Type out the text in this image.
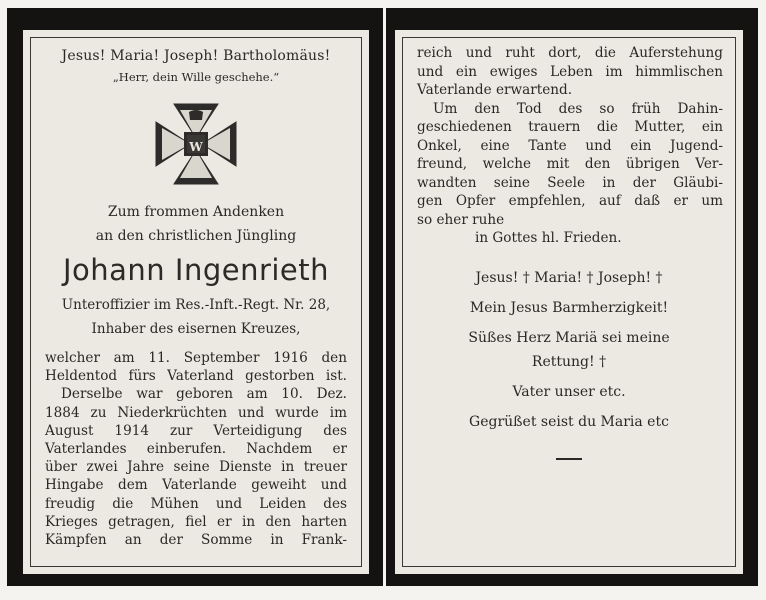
Jesus! Maria! Joseph! Bartholomäus!
„Herr, dein Wille geschehe.“
W
Zum frommen Andenken
an den christlichen Jüngling
Johann Ingenrieth
Unteroffizier im Res.-Inft.-Regt. Nr. 28,
Inhaber des eisernen Kreuzes,
welcher am 11. September 1916 den
Heldentod fürs Vaterland gestorben ist.
Derselbe war geboren am 10. Dez.
1884 zu Niederkrüchten und wurde im
August 1914 zur Verteidigung des
Vaterlandes einberufen. Nachdem er
über zwei Jahre seine Dienste in treuer
Hingabe dem Vaterlande geweiht und
freudig die Mühen und Leiden des
Krieges getragen, fiel er in den harten
Kämpfen an der Somme in Frank-
reich und ruht dort, die Auferstehung
und ein ewiges Leben im himmlischen
Vaterlande erwartend.
Um den Tod des so früh Dahin-
geschiedenen trauern die Mutter, ein
Onkel, eine Tante und ein Jugend-
freund, welche mit den übrigen Ver-
wandten seine Seele in der Gläubi-
gen Opfer empfehlen, auf daß er um
so eher ruhe
in Gottes hl. Frieden.
Jesus! † Maria! † Joseph! †
Mein Jesus Barmherzigkeit!
Süßes Herz Mariä sei meine
Rettung! †
Vater unser etc.
Gegrüßet seist du Maria etc
